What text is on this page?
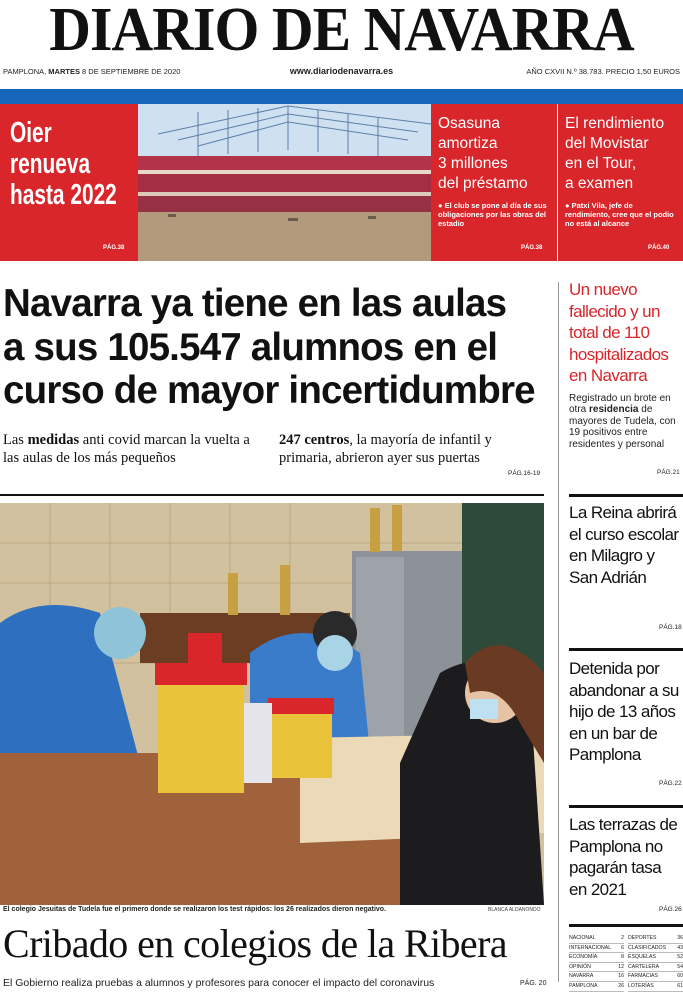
DIARIO DE NAVARRA
PAMPLONA, MARTES 8 DE SEPTIEMBRE DE 2020	www.diariodenavarra.es	AÑO CXVII N.º 38.783. PRECIO 1,50 EUROS
Oier
renueva
hasta 2022
PÁG.38
Osasuna
amortiza
3 millones
del préstamo
● El club se pone al día de sus obligaciones por las obras del estadio
PÁG.38
El rendimiento
del Movistar
en el Tour,
a examen
● Patxi Vila, jefe de rendimiento, cree que el podio no está al alcance
PÁG.40
Navarra ya tiene en las aulas
a sus 105.547 alumnos en el
curso de mayor incertidumbre
Las medidas anti covid marcan la vuelta a las aulas de los más pequeños
247 centros, la mayoría de infantil y primaria, abrieron ayer sus puertas
PÁG.16-19
El colegio Jesuitas de Tudela fue el primero donde se realizaron los test rápidos: los 26 realizados dieron negativo.	BLANCA ALDANONDO
Cribado en colegios de la Ribera
El Gobierno realiza pruebas a alumnos y profesores para conocer el impacto del coronavirus	PÁG. 20
Un nuevo fallecido y un total de 110 hospitalizados en Navarra
Registrado un brote en otra residencia de mayores de Tudela, con 19 positivos entre residentes y personal
PÁG.21
La Reina abrirá el curso escolar en Milagro y San Adrián
PÁG.18
Detenida por abandonar a su hijo de 13 años en un bar de Pamplona
PÁG.22
Las terrazas de Pamplona no pagarán tasa en 2021
PÁG.26
NACIONAL	2
INTERNACIONAL 6
ECONOMÍA	8
OPINIÓN	12
NAVARRA	16
PAMPLONA	26
DEPORTES	36
CLASIFICADOS 43
ESQUELAS	52
CARTELERA	54
FARMACIAS	60
LOTERÍAS	61
